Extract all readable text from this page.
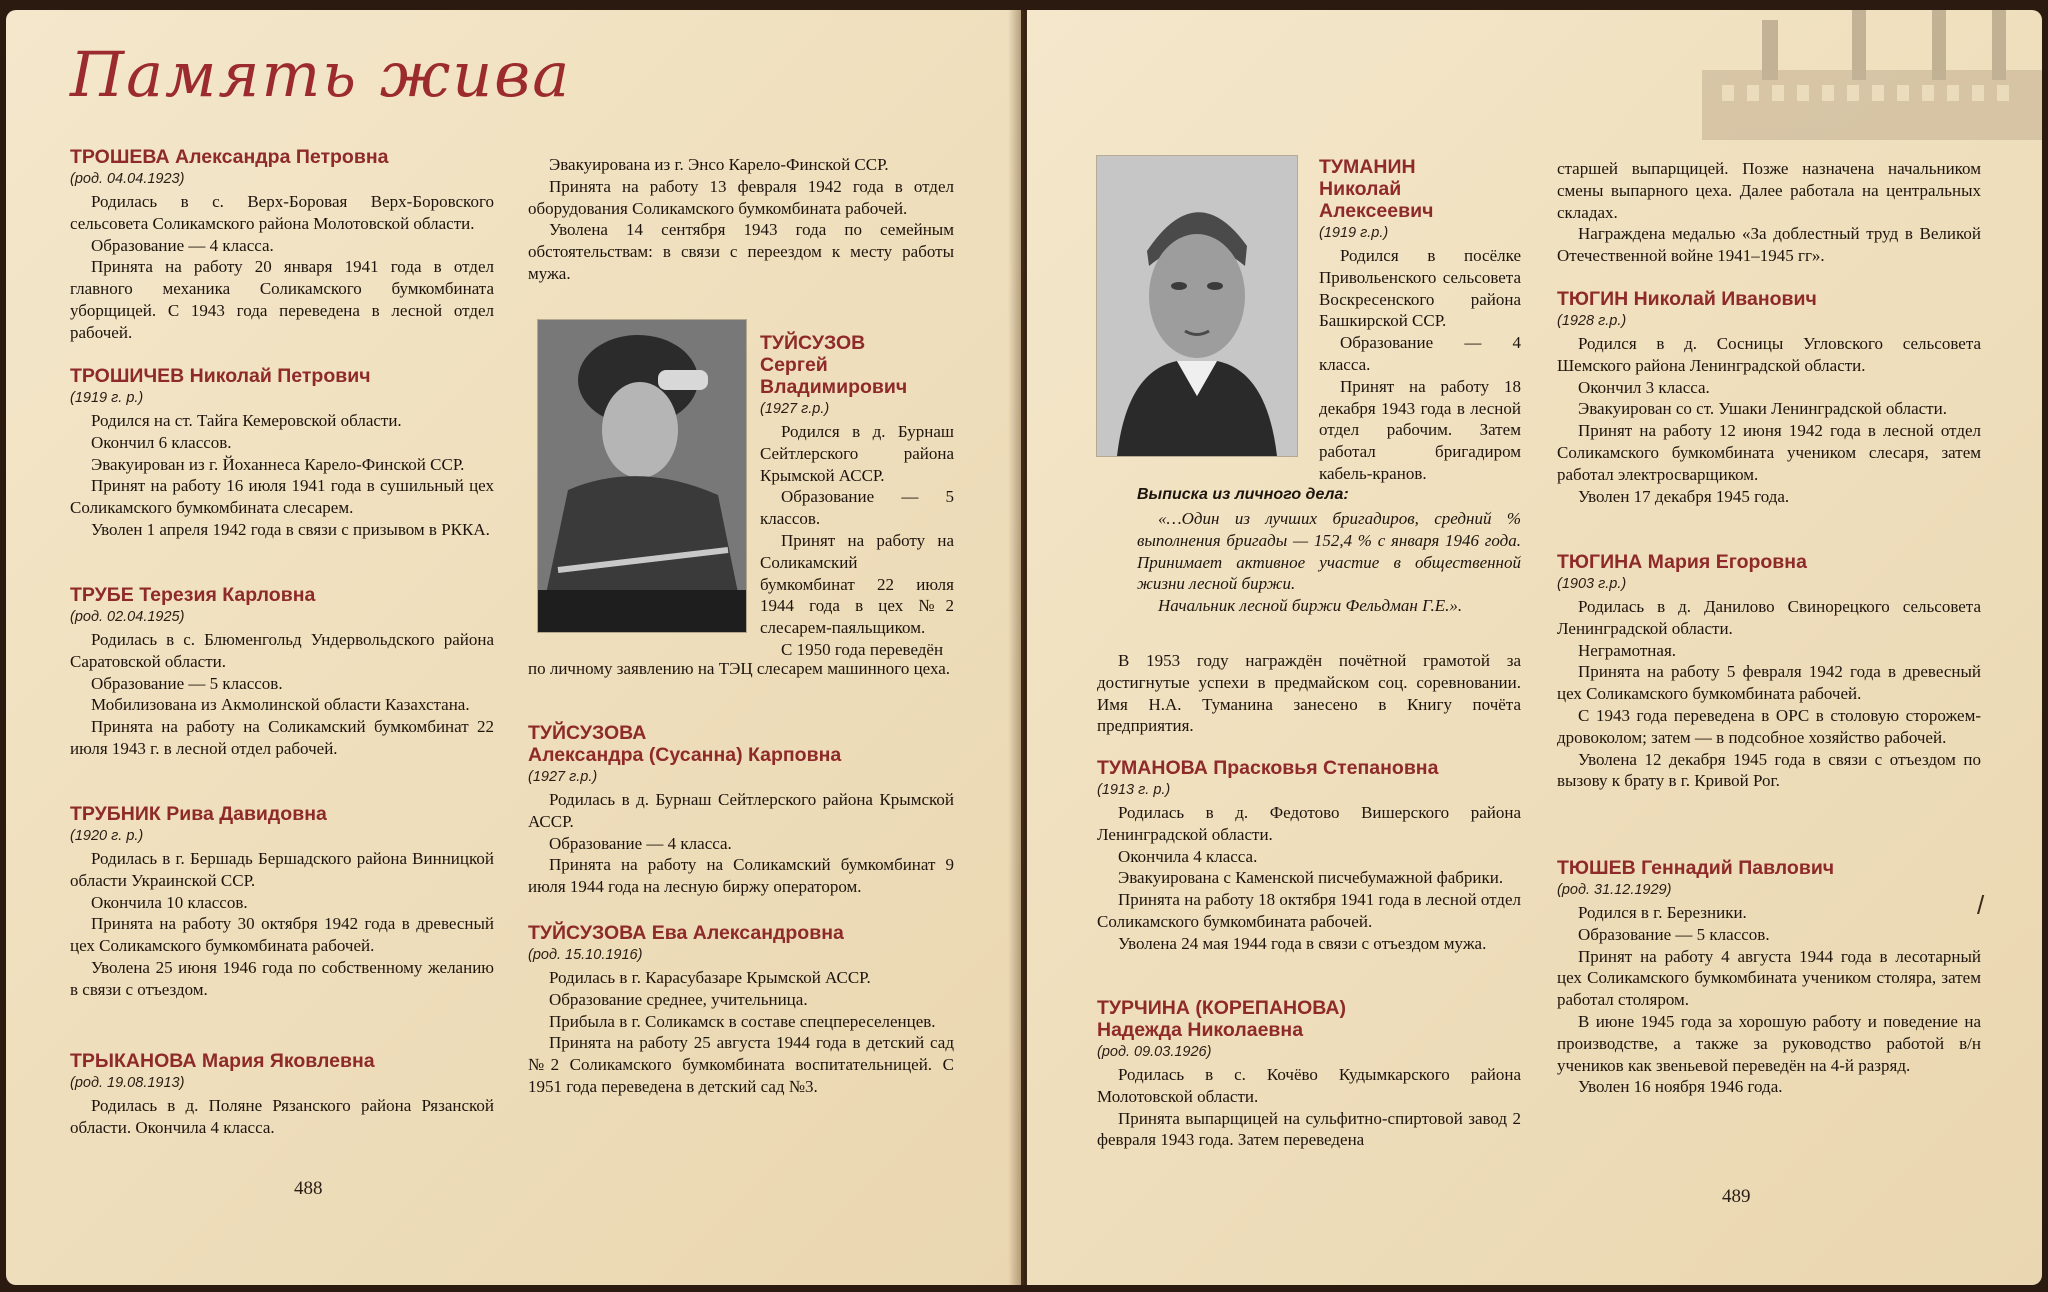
Память жива
ТРОШЕВА Александра Петровна
(род. 04.04.1923)

Родилась в с. Верх-Боровая Верх-Боровского сельсовета Соликамского района Молотовской области.

Образование — 4 класса.

Принята на работу 20 января 1941 года в отдел главного механика Соликамского бумкомбината уборщицей. С 1943 года переведена в лесной отдел рабочей.

ТРОШИЧЕВ Николай Петрович
(1919 г. р.)

Родился на ст. Тайга Кемеровской области.

Окончил 6 классов.

Эвакуирован из г. Йоханнеса Карело-Финской ССР.

Принят на работу 16 июля 1941 года в сушильный цех Соликамского бумкомбината слесарем.

Уволен 1 апреля 1942 года в связи с призывом в РККА.

ТРУБЕ Терезия Карловна
(род. 02.04.1925)

Родилась в с. Блюменгольд Ундервольдского района Саратовской области.

Образование — 5 классов.

Мобилизована из Акмолинской области Казахстана.

Принята на работу на Соликамский бумкомбинат 22 июля 1943 г. в лесной отдел рабочей.

ТРУБНИК Рива Давидовна
(1920 г. р.)

Родилась в г. Бершадь Бершадского района Винницкой области Украинской ССР.

Окончила 10 классов.

Принята на работу 30 октября 1942 года в древесный цех Соликамского бумкомбината рабочей.

Уволена 25 июня 1946 года по собственному желанию в связи с отъездом.

ТРЫКАНОВА Мария Яковлевна
(род. 19.08.1913)

Родилась в д. Поляне Рязанского района Рязанской области. Окончила 4 класса.

Эвакуирована из г. Энсо Карело-Финской ССР.

Принята на работу 13 февраля 1942 года в отдел оборудования Соликамского бумкомбината рабочей.

Уволена 14 сентября 1943 года по семейным обстоятельствам: в связи с переездом к месту работы мужа.

ТУЙСУЗОВ
Сергей
Владимирович
(1927 г.р.)

Родился в д. Бурнаш Сейтлерского района Крымской АССР.

Образование — 5 классов.

Принят на работу на Соликамский бумкомбинат 22 июля 1944 года в цех №2 слесарем-паяльщиком.

С 1950 года переведён

по личному заявлению на ТЭЦ слесарем машинного цеха.

ТУЙСУЗОВА
Александра (Сусанна) Карповна
(1927 г.р.)

Родилась в д. Бурнаш Сейтлерского района Крымской АССР.

Образование — 4 класса.

Принята на работу на Соликамский бумкомбинат 9 июля 1944 года на лесную биржу оператором.

ТУЙСУЗОВА Ева Александровна
(род. 15.10.1916)

Родилась в г. Карасубазаре Крымской АССР.

Образование среднее, учительница.

Прибыла в г. Соликамск в составе спецпереселенцев.

Принята на работу 25 августа 1944 года в детский сад №2 Соликамского бумкомбината воспитательницей. С 1951 года переведена в детский сад №3.

488
ТУМАНИН
Николай
Алексеевич
(1919 г.р.)

Родился в посёлке Привольенского сельсовета Воскресенского района Башкирской ССР.

Образование — 4 класса.

Принят на работу 18 декабря 1943 года в лесной отдел рабочим. Затем работал бригадиром кабель-кранов.

Выписка из личного дела:

«…Один из лучших бригадиров, средний % выполнения бригады — 152,4 % с января 1946 года. Принимает активное участие в общественной жизни лесной биржи.

Начальник лесной биржи Фельдман Г.Е.».

В 1953 году награждён почётной грамотой за достигнутые успехи в предмайском соц. соревновании. Имя Н.А. Туманина занесено в Книгу почёта предприятия.

ТУМАНОВА Прасковья Степановна
(1913 г. р.)

Родилась в д. Федотово Вишерского района Ленинградской области.

Окончила 4 класса.

Эвакуирована с Каменской писчебумажной фабрики.

Принята на работу 18 октября 1941 года в лесной отдел Соликамского бумкомбината рабочей.

Уволена 24 мая 1944 года в связи с отъездом мужа.

ТУРЧИНА (КОРЕПАНОВА)
Надежда Николаевна
(род. 09.03.1926)

Родилась в с. Кочёво Кудымкарского района Молотовской области.

Принята выпарщицей на сульфитно-спиртовой завод 2 февраля 1943 года. Затем переведена

старшей выпарщицей. Позже назначена начальником смены выпарного цеха. Далее работала на центральных складах.

Награждена медалью «За доблестный труд в Великой Отечественной войне 1941–1945 гг».

ТЮГИН Николай Иванович
(1928 г.р.)

Родился в д. Сосницы Угловского сельсовета Шемского района Ленинградской области.

Окончил 3 класса.

Эвакуирован со ст. Ушаки Ленинградской области.

Принят на работу 12 июня 1942 года в лесной отдел Соликамского бумкомбината учеником слесаря, затем работал электросварщиком.

Уволен 17 декабря 1945 года.

ТЮГИНА Мария Егоровна
(1903 г.р.)

Родилась в д. Данилово Свинорецкого сельсовета Ленинградской области.

Неграмотная.

Принята на работу 5 февраля 1942 года в древесный цех Соликамского бумкомбината рабочей.

С 1943 года переведена в ОРС в столовую сторожем-дровоколом; затем — в подсобное хозяйство рабочей.

Уволена 12 декабря 1945 года в связи с отъездом по вызову к брату в г. Кривой Рог.

ТЮШЕВ Геннадий Павлович
(род. 31.12.1929)

Родился в г. Березники.

Образование — 5 классов.

Принят на работу 4 августа 1944 года в лесотарный цех Соликамского бумкомбината учеником столяра, затем работал столяром.

В июне 1945 года за хорошую работу и поведение на производстве, а также за руководство работой в/н учеников как звеньевой переведён на 4-й разряд.

Уволен 16 ноября 1946 года.

/
489
